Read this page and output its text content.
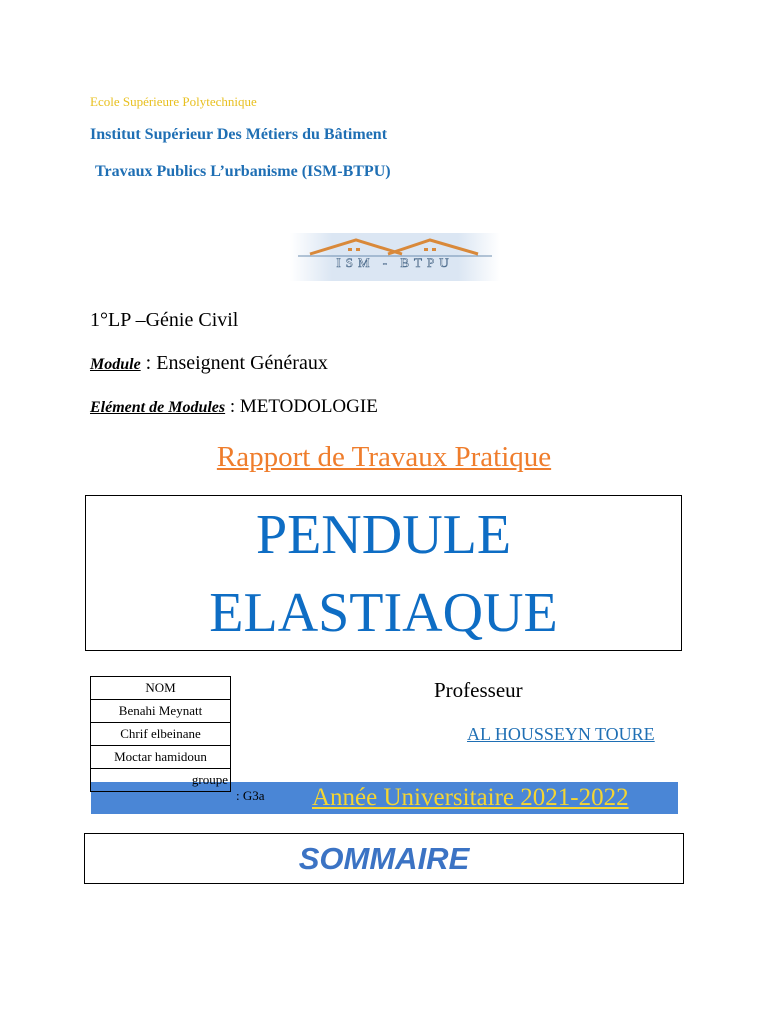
Ecole Supérieure Polytechnique
Institut Supérieur Des Métiers du Bâtiment
Travaux Publics L’urbanisme (ISM-BTPU)
ISM - BTPU
1°LP –Génie Civil
Module : Enseignent Généraux
Elément de Modules : METODOLOGIE
Rapport de Travaux Pratique
PENDULE
ELASTIAQUE
NOM
Benahi Meynatt
Chrif elbeinane
Moctar hamidoun
groupe
: G3a
Professeur
AL HOUSSEYN TOURE
Année Universitaire 2021-2022
SOMMAIRE
